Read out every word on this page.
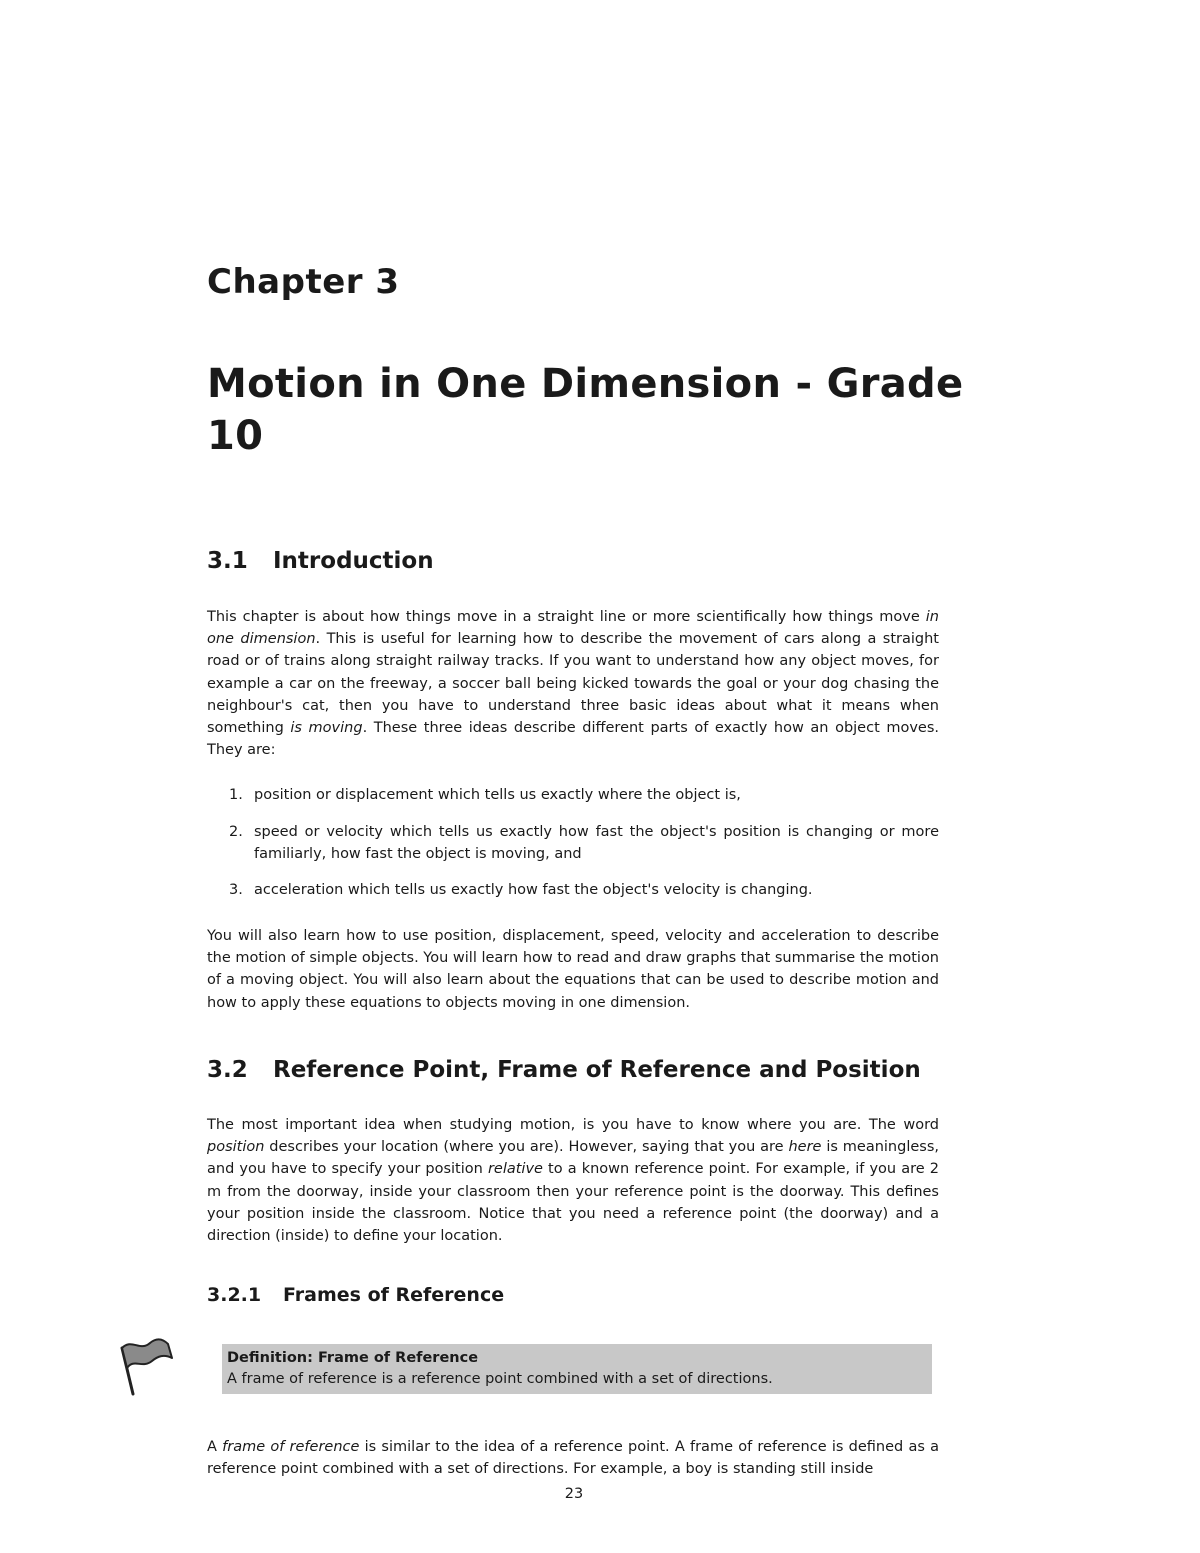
Chapter 3
Motion in One Dimension - Grade 10
3.1 Introduction

This chapter is about how things move in a straight line or more scientifically how things move in one dimension. This is useful for learning how to describe the movement of cars along a straight road or of trains along straight railway tracks. If you want to understand how any object moves, for example a car on the freeway, a soccer ball being kicked towards the goal or your dog chasing the neighbour's cat, then you have to understand three basic ideas about what it means when something is moving. These three ideas describe different parts of exactly how an object moves. They are:

1. position or displacement which tells us exactly where the object is,
2. speed or velocity which tells us exactly how fast the object's position is changing or more familiarly, how fast the object is moving, and
3. acceleration which tells us exactly how fast the object's velocity is changing.

You will also learn how to use position, displacement, speed, velocity and acceleration to describe the motion of simple objects. You will learn how to read and draw graphs that summarise the motion of a moving object. You will also learn about the equations that can be used to describe motion and how to apply these equations to objects moving in one dimension.

3.2 Reference Point, Frame of Reference and Position

The most important idea when studying motion, is you have to know where you are. The word position describes your location (where you are). However, saying that you are here is meaningless, and you have to specify your position relative to a known reference point. For example, if you are 2 m from the doorway, inside your classroom then your reference point is the doorway. This defines your position inside the classroom. Notice that you need a reference point (the doorway) and a direction (inside) to define your location.

3.2.1 Frames of Reference
Definition: Frame of Reference
A frame of reference is a reference point combined with a set of directions.

A frame of reference is similar to the idea of a reference point. A frame of reference is defined as a reference point combined with a set of directions. For example, a boy is standing still inside

23
